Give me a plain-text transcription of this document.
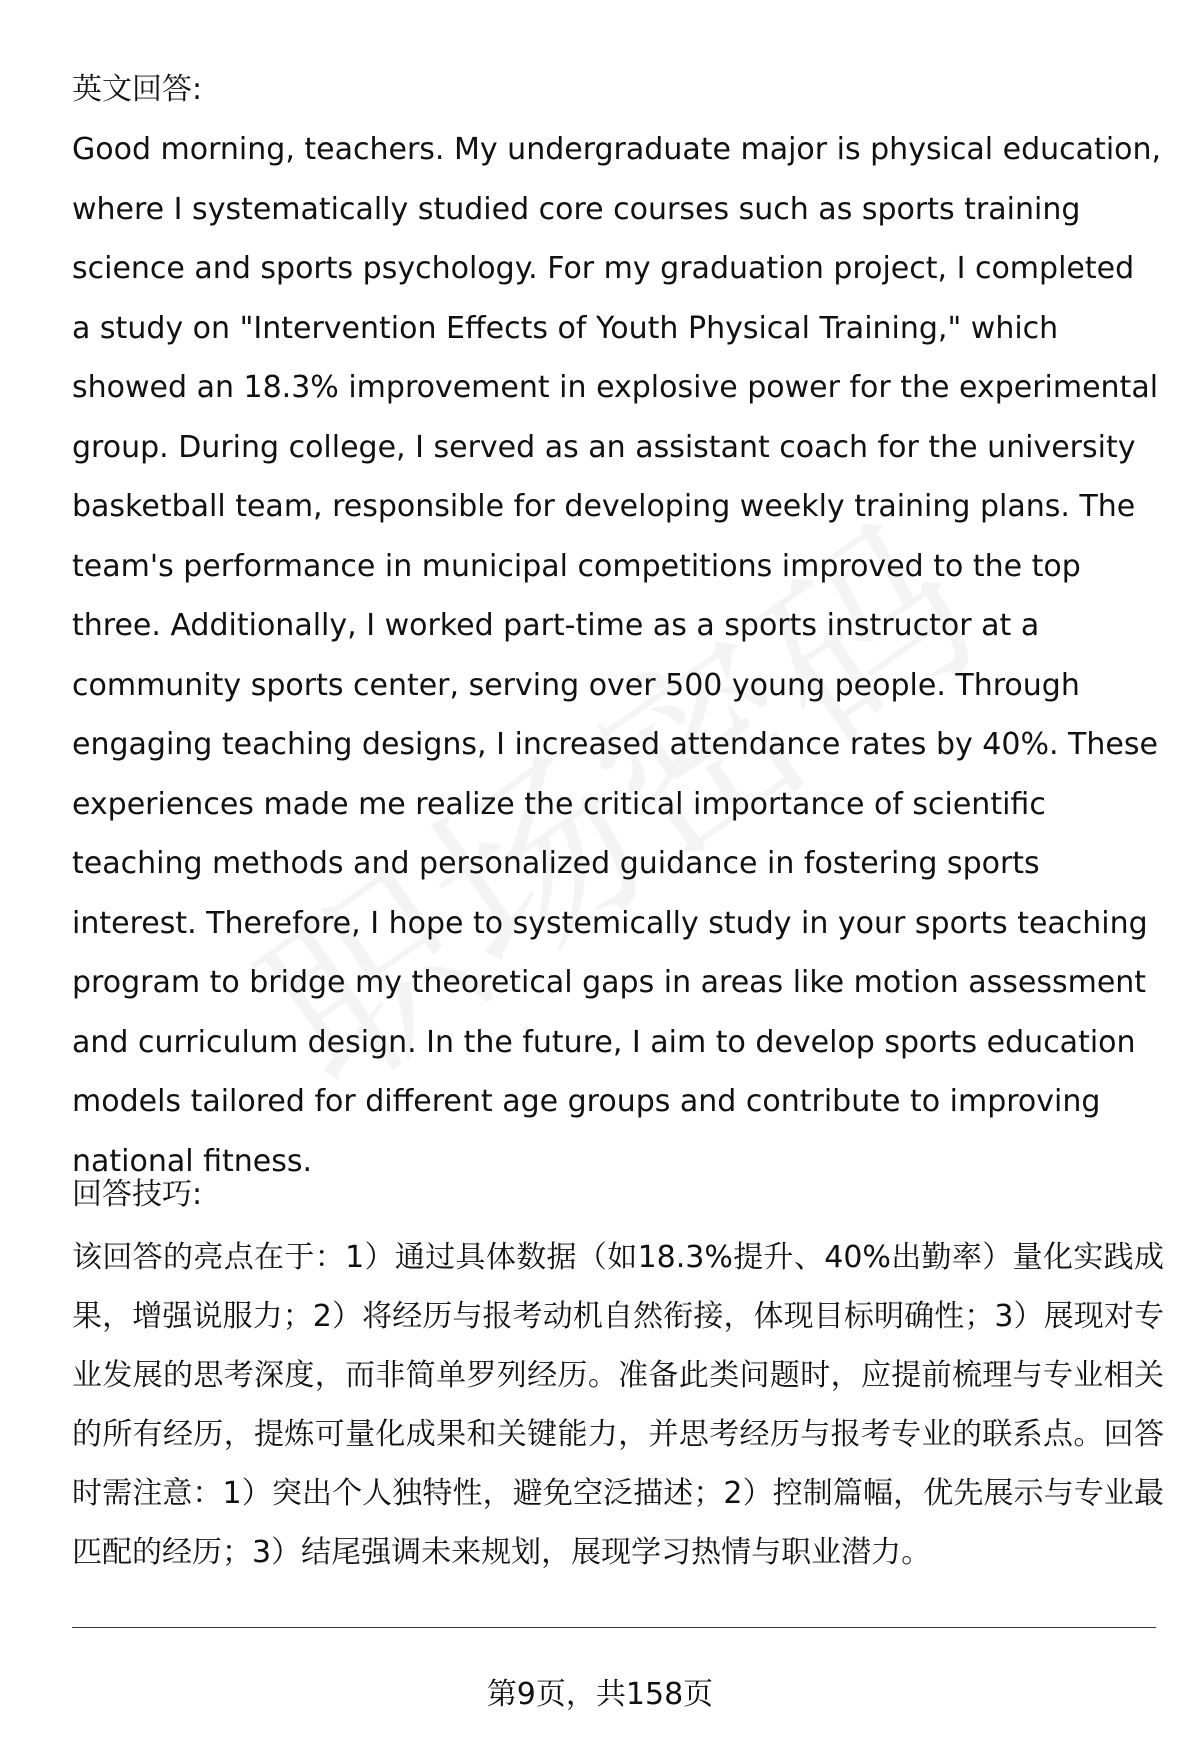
英文回答:
Good morning, teachers. My undergraduate major is physical education, where I systematically studied core courses such as sports training science and sports psychology. For my graduation project, I completed a study on "Intervention Effects of Youth Physical Training," which showed an 18.3% improvement in explosive power for the experimental group. During college, I served as an assistant coach for the university basketball team, responsible for developing weekly training plans. The team's performance in municipal competitions improved to the top three. Additionally, I worked part-time as a sports instructor at a community sports center, serving over 500 young people. Through engaging teaching designs, I increased attendance rates by 40%. These experiences made me realize the critical importance of scientific teaching methods and personalized guidance in fostering sports interest. Therefore, I hope to systemically study in your sports teaching program to bridge my theoretical gaps in areas like motion assessment and curriculum design. In the future, I aim to develop sports education models tailored for different age groups and contribute to improving national fitness.
回答技巧:
该回答的亮点在于：1）通过具体数据（如18.3%提升、40%出勤率）量化实践成果，增强说服力；2）将经历与报考动机自然衔接，体现目标明确性；3）展现对专业发展的思考深度，而非简单罗列经历。准备此类问题时，应提前梳理与专业相关的所有经历，提炼可量化成果和关键能力，并思考经历与报考专业的联系点。回答时需注意：1）突出个人独特性，避免空泛描述；2）控制篇幅，优先展示与专业最匹配的经历；3）结尾强调未来规划，展现学习热情与职业潜力。
第9页，共158页
